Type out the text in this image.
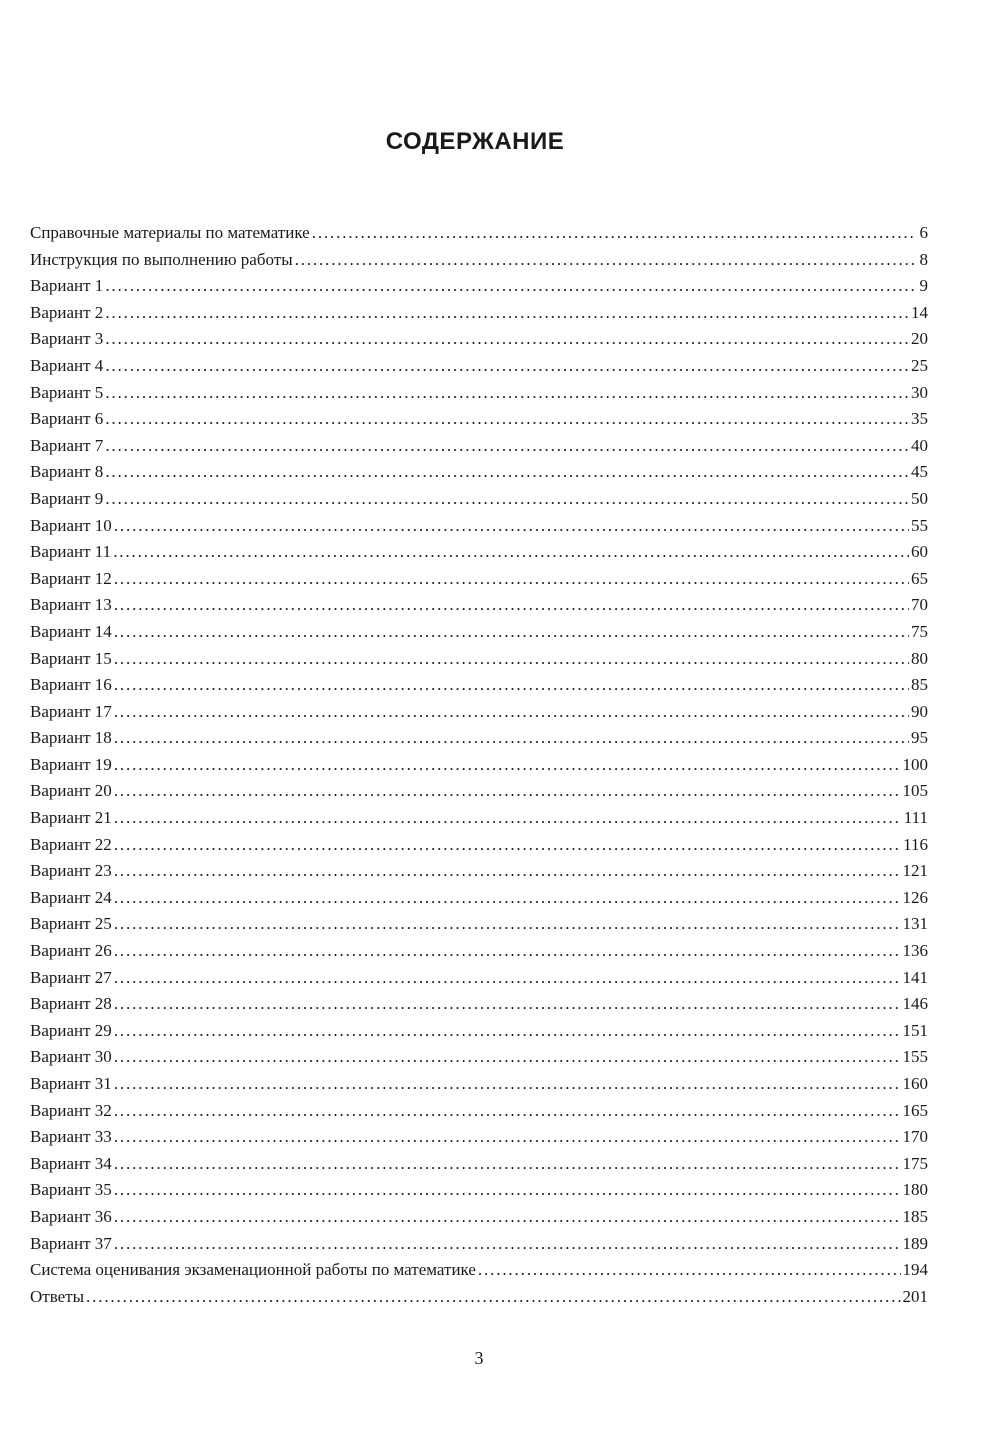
СОДЕРЖАНИЕ
Справочные материалы по математике . . .	6
Инструкция по выполнению работы . . .	8
Вариант 1 . . .	9
Вариант 2 . . .	14
Вариант 3 . . .	20
Вариант 4 . . .	25
Вариант 5 . . .	30
Вариант 6 . . .	35
Вариант 7 . . .	40
Вариант 8 . . .	45
Вариант 9 . . .	50
Вариант 10 . . .	55
Вариант 11 . . .	60
Вариант 12 . . .	65
Вариант 13 . . .	70
Вариант 14 . . .	75
Вариант 15 . . .	80
Вариант 16 . . .	85
Вариант 17 . . .	90
Вариант 18 . . .	95
Вариант 19 . . .	100
Вариант 20 . . .	105
Вариант 21 . . .	111
Вариант 22 . . .	116
Вариант 23 . . .	121
Вариант 24 . . .	126
Вариант 25 . . .	131
Вариант 26 . . .	136
Вариант 27 . . .	141
Вариант 28 . . .	146
Вариант 29 . . .	151
Вариант 30 . . .	155
Вариант 31 . . .	160
Вариант 32 . . .	165
Вариант 33 . . .	170
Вариант 34 . . .	175
Вариант 35 . . .	180
Вариант 36 . . .	185
Вариант 37 . . .	189
Система оценивания экзаменационной работы по математике . . .	194
Ответы . . .	201
3
